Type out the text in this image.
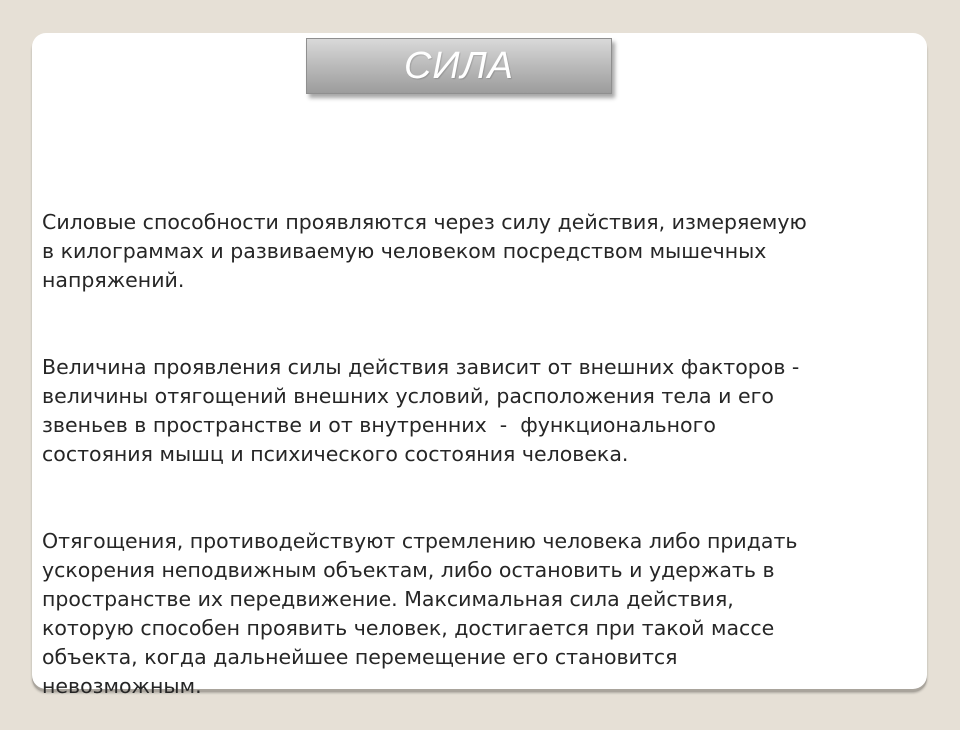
СИЛА

Силовые способности проявляются через силу действия, измеряемую
в килограммах и развиваемую человеком посредством мышечных
напряжений.

Величина проявления силы действия зависит от внешних факторов -
величины отягощений внешних условий, расположения тела и его
звеньев в пространстве и от внутренних  -  функционального
состояния мышц и психического состояния человека.

Отягощения, противодействуют стремлению человека либо придать
ускорения неподвижным объектам, либо остановить и удержать в
пространстве их передвижение. Максимальная сила действия,
которую способен проявить человек, достигается при такой массе
объекта, когда дальнейшее перемещение его становится
невозможным.
